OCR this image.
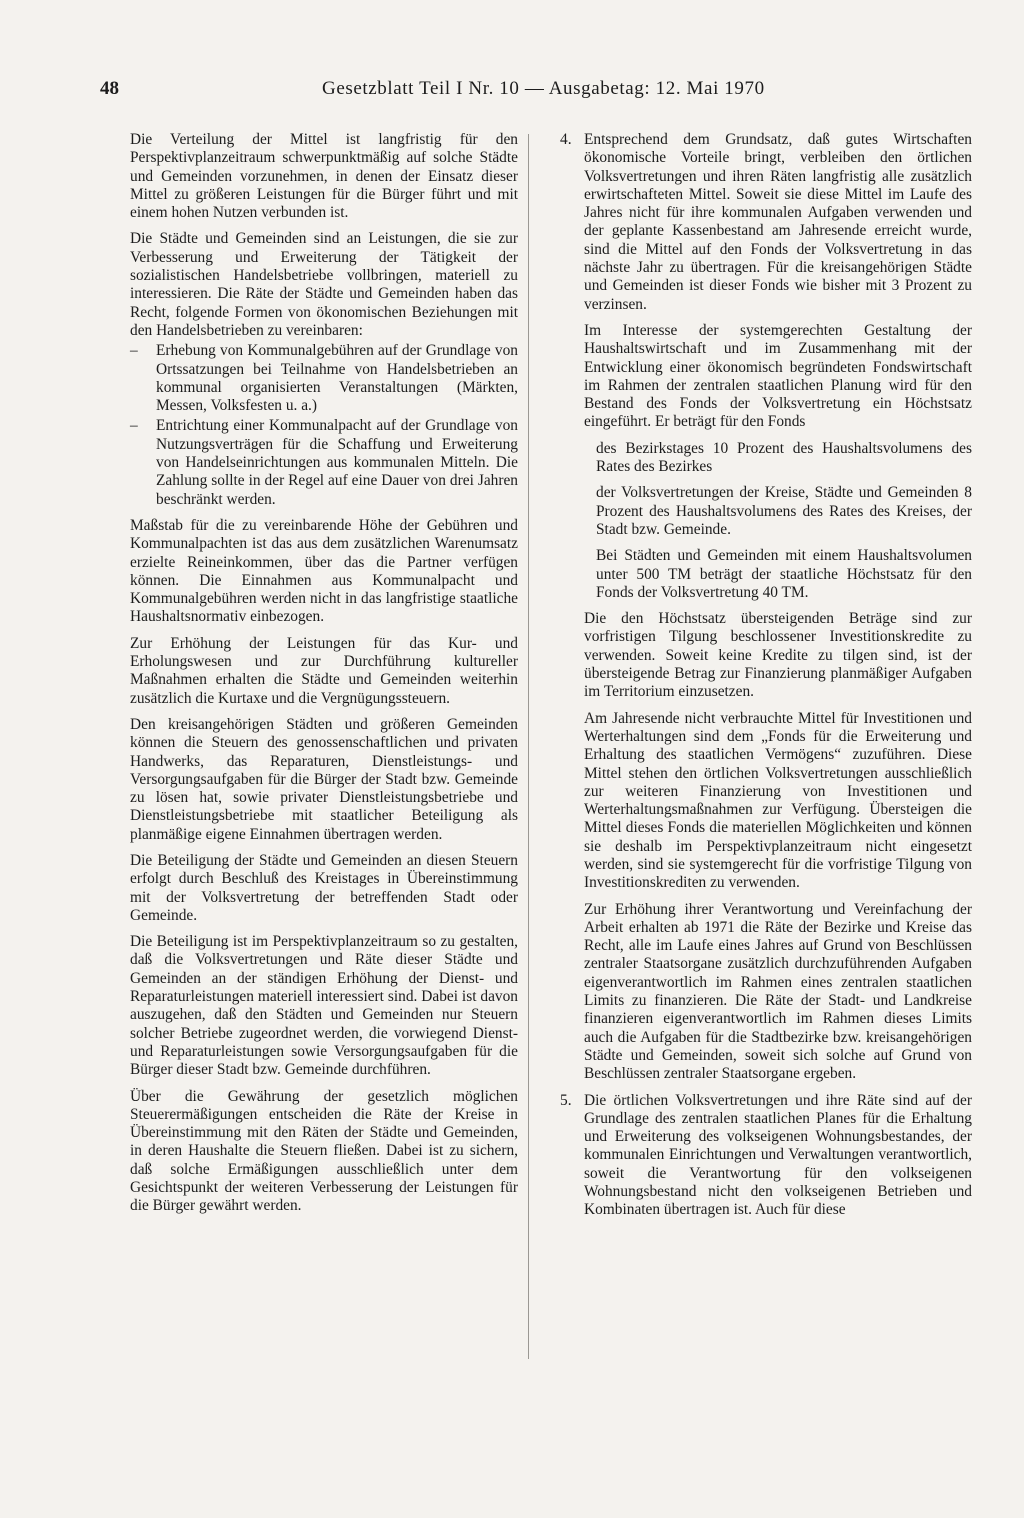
48	Gesetzblatt Teil I Nr. 10 — Ausgabetag: 12. Mai 1970

Die Verteilung der Mittel ist langfristig für den Perspektivplanzeitraum schwerpunktmäßig auf solche Städte und Gemeinden vorzunehmen, in denen der Einsatz dieser Mittel zu größeren Leistungen für die Bürger führt und mit einem hohen Nutzen verbunden ist.

Die Städte und Gemeinden sind an Leistungen, die sie zur Verbesserung und Erweiterung der Tätigkeit der sozialistischen Handelsbetriebe vollbringen, materiell zu interessieren. Die Räte der Städte und Gemeinden haben das Recht, folgende Formen von ökonomischen Beziehungen mit den Handelsbetrieben zu vereinbaren:

– Erhebung von Kommunalgebühren auf der Grundlage von Ortssatzungen bei Teilnahme von Handelsbetrieben an kommunal organisierten Veranstaltungen (Märkten, Messen, Volksfesten u. a.)
– Entrichtung einer Kommunalpacht auf der Grundlage von Nutzungsverträgen für die Schaffung und Erweiterung von Handelseinrichtungen aus kommunalen Mitteln. Die Zahlung sollte in der Regel auf eine Dauer von drei Jahren beschränkt werden.

Maßstab für die zu vereinbarende Höhe der Gebühren und Kommunalpachten ist das aus dem zusätzlichen Warenumsatz erzielte Reineinkommen, über das die Partner verfügen können. Die Einnahmen aus Kommunalpacht und Kommunalgebühren werden nicht in das langfristige staatliche Haushaltsnormativ einbezogen.

Zur Erhöhung der Leistungen für das Kur- und Erholungswesen und zur Durchführung kultureller Maßnahmen erhalten die Städte und Gemeinden weiterhin zusätzlich die Kurtaxe und die Vergnügungssteuern.

Den kreisangehörigen Städten und größeren Gemeinden können die Steuern des genossenschaftlichen und privaten Handwerks, das Reparaturen, Dienstleistungs- und Versorgungsaufgaben für die Bürger der Stadt bzw. Gemeinde zu lösen hat, sowie privater Dienstleistungsbetriebe und Dienstleistungsbetriebe mit staatlicher Beteiligung als planmäßige eigene Einnahmen übertragen werden.

Die Beteiligung der Städte und Gemeinden an diesen Steuern erfolgt durch Beschluß des Kreistages in Übereinstimmung mit der Volksvertretung der betreffenden Stadt oder Gemeinde.

Die Beteiligung ist im Perspektivplanzeitraum so zu gestalten, daß die Volksvertretungen und Räte dieser Städte und Gemeinden an der ständigen Erhöhung der Dienst- und Reparaturleistungen materiell interessiert sind. Dabei ist davon auszugehen, daß den Städten und Gemeinden nur Steuern solcher Betriebe zugeordnet werden, die vorwiegend Dienst- und Reparaturleistungen sowie Versorgungsaufgaben für die Bürger dieser Stadt bzw. Gemeinde durchführen.

Über die Gewährung der gesetzlich möglichen Steuerermäßigungen entscheiden die Räte der Kreise in Übereinstimmung mit den Räten der Städte und Gemeinden, in deren Haushalte die Steuern fließen. Dabei ist zu sichern, daß solche Ermäßigungen ausschließlich unter dem Gesichtspunkt der weiteren Verbesserung der Leistungen für die Bürger gewährt werden.

4. Entsprechend dem Grundsatz, daß gutes Wirtschaften ökonomische Vorteile bringt, verbleiben den örtlichen Volksvertretungen und ihren Räten langfristig alle zusätzlich erwirtschafteten Mittel. Soweit sie diese Mittel im Laufe des Jahres nicht für ihre kommunalen Aufgaben verwenden und der geplante Kassenbestand am Jahresende erreicht wurde, sind die Mittel auf den Fonds der Volksvertretung in das nächste Jahr zu übertragen. Für die kreisangehörigen Städte und Gemeinden ist dieser Fonds wie bisher mit 3 Prozent zu verzinsen.

Im Interesse der systemgerechten Gestaltung der Haushaltswirtschaft und im Zusammenhang mit der Entwicklung einer ökonomisch begründeten Fondswirtschaft im Rahmen der zentralen staatlichen Planung wird für den Bestand des Fonds der Volksvertretung ein Höchstsatz eingeführt. Er beträgt für den Fonds

des Bezirkstages 10 Prozent des Haushaltsvolumens des Rates des Bezirkes

der Volksvertretungen der Kreise, Städte und Gemeinden 8 Prozent des Haushaltsvolumens des Rates des Kreises, der Stadt bzw. Gemeinde.

Bei Städten und Gemeinden mit einem Haushaltsvolumen unter 500 TM beträgt der staatliche Höchstsatz für den Fonds der Volksvertretung 40 TM.

Die den Höchstsatz übersteigenden Beträge sind zur vorfristigen Tilgung beschlossener Investitionskredite zu verwenden. Soweit keine Kredite zu tilgen sind, ist der übersteigende Betrag zur Finanzierung planmäßiger Aufgaben im Territorium einzusetzen.

Am Jahresende nicht verbrauchte Mittel für Investitionen und Werterhaltungen sind dem „Fonds für die Erweiterung und Erhaltung des staatlichen Vermögens“ zuzuführen. Diese Mittel stehen den örtlichen Volksvertretungen ausschließlich zur weiteren Finanzierung von Investitionen und Werterhaltungsmaßnahmen zur Verfügung. Übersteigen die Mittel dieses Fonds die materiellen Möglichkeiten und können sie deshalb im Perspektivplanzeitraum nicht eingesetzt werden, sind sie systemgerecht für die vorfristige Tilgung von Investitionskrediten zu verwenden.

Zur Erhöhung ihrer Verantwortung und Vereinfachung der Arbeit erhalten ab 1971 die Räte der Bezirke und Kreise das Recht, alle im Laufe eines Jahres auf Grund von Beschlüssen zentraler Staatsorgane zusätzlich durchzuführenden Aufgaben eigenverantwortlich im Rahmen eines zentralen staatlichen Limits zu finanzieren. Die Räte der Stadt- und Landkreise finanzieren eigenverantwortlich im Rahmen dieses Limits auch die Aufgaben für die Stadtbezirke bzw. kreisangehörigen Städte und Gemeinden, soweit sich solche auf Grund von Beschlüssen zentraler Staatsorgane ergeben.

5. Die örtlichen Volksvertretungen und ihre Räte sind auf der Grundlage des zentralen staatlichen Planes für die Erhaltung und Erweiterung des volkseigenen Wohnungsbestandes, der kommunalen Einrichtungen und Verwaltungen verantwortlich, soweit die Verantwortung für den volkseigenen Wohnungsbestand nicht den volkseigenen Betrieben und Kombinaten übertragen ist. Auch für diese
